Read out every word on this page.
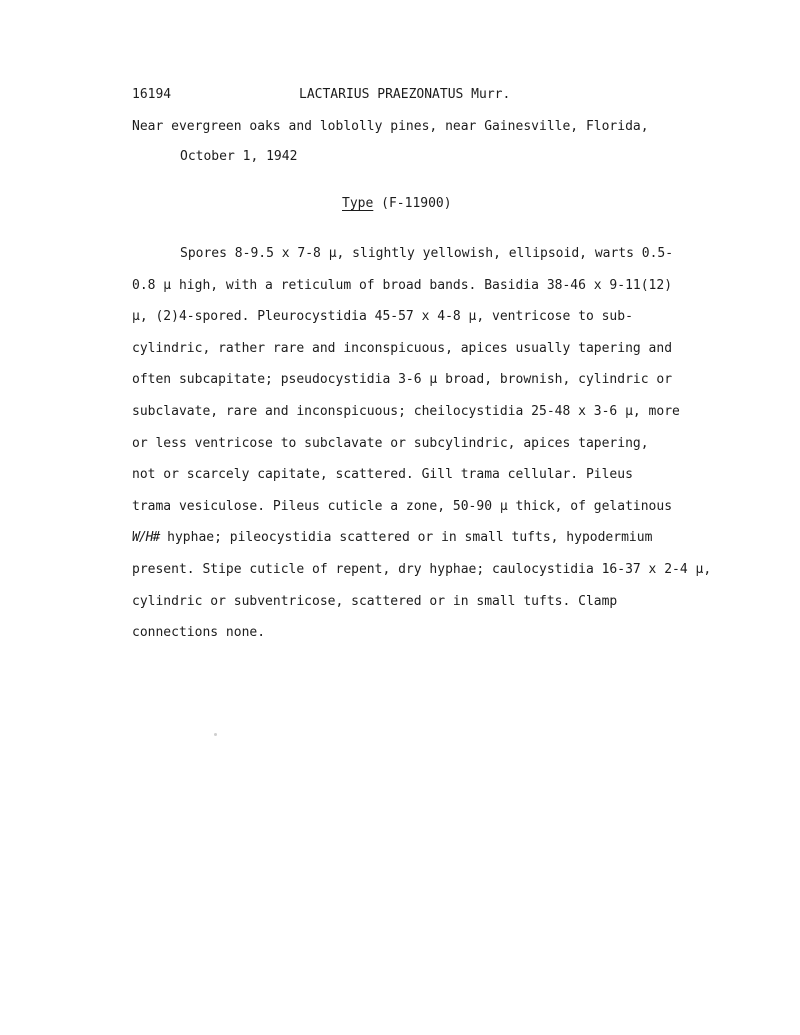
16194	LACTARIUS PRAEZONATUS Murr.
Near evergreen oaks and loblolly pines, near Gainesville, Florida,
October 1, 1942
Type (F-11900)
Spores 8-9.5 x 7-8 µ, slightly yellowish, ellipsoid, warts 0.5-
0.8 µ high, with a reticulum of broad bands. Basidia 38-46 x 9-11(12)
µ, (2)4-spored. Pleurocystidia 45-57 x 4-8 µ, ventricose to sub-
cylindric, rather rare and inconspicuous, apices usually tapering and
often subcapitate; pseudocystidia 3-6 µ broad, brownish, cylindric or
subclavate, rare and inconspicuous; cheilocystidia 25-48 x 3-6 µ, more
or less ventricose to subclavate or subcylindric, apices tapering,
not or scarcely capitate, scattered. Gill trama cellular. Pileus
trama vesiculose. Pileus cuticle a zone, 50-90 µ thick, of gelatinous
W/H# hyphae; pileocystidia scattered or in small tufts, hypodermium
present. Stipe cuticle of repent, dry hyphae; caulocystidia 16-37 x 2-4 µ,
cylindric or subventricose, scattered or in small tufts. Clamp
connections none.
